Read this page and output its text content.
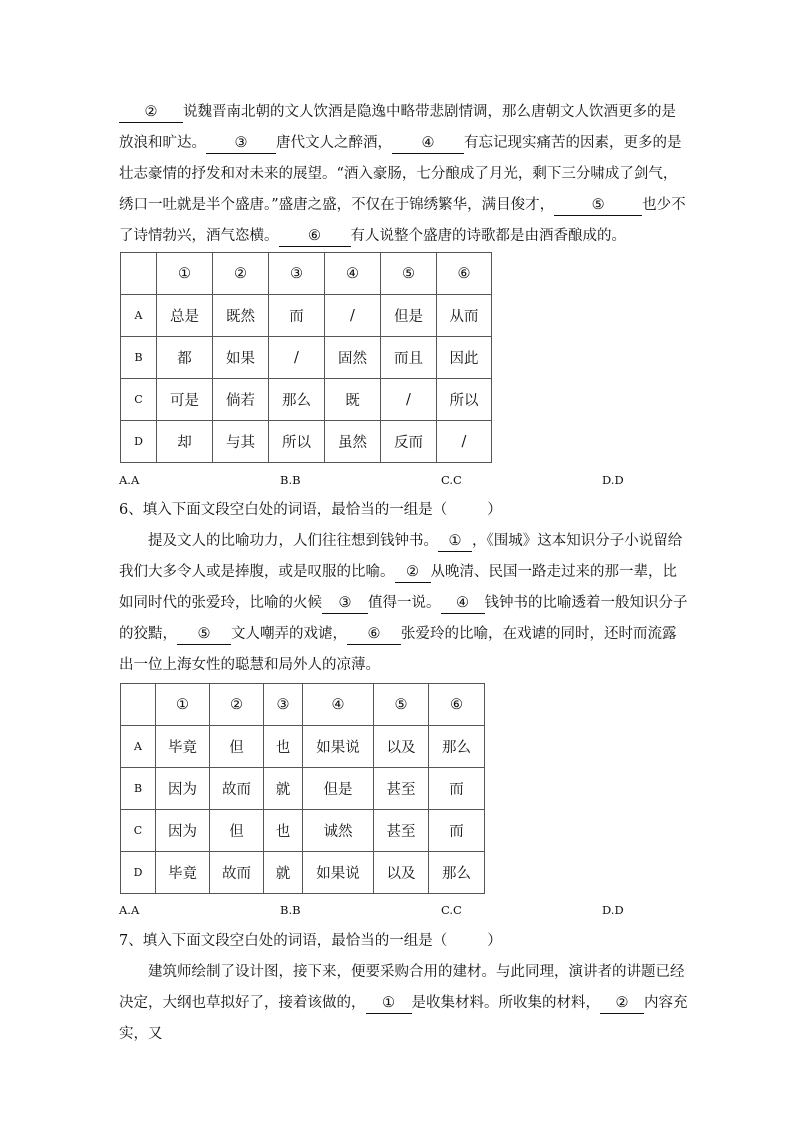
② 说魏晋南北朝的文人饮酒是隐逸中略带悲剧情调，那么唐朝文人饮酒更多的是放浪和旷达。 ③ 唐代文人之醉酒， ④ 有忘记现实痛苦的因素，更多的是壮志豪情的抒发和对未来的展望。“酒入豪肠，七分酿成了月光，剩下三分啸成了剑气，绣口一吐就是半个盛唐。”盛唐之盛，不仅在于锦绣繁华，满目俊才，	⑤	也少不了诗情勃兴，酒气恣横。 ⑥ 有人说整个盛唐的诗歌都是由酒香酿成的。

	①	②	③	④	⑤	⑥
A	总是	既然	而	/	但是	从而
B	都	如果	/	固然	而且	因此
C	可是	倘若	那么	既	/	所以
D	却	与其	所以	虽然	反而	/
A.A	B.B	C.C	D.D

6、填入下面文段空白处的词语，最恰当的一组是（	）

提及文人的比喻功力，人们往往想到钱钟书。 ① ，《围城》这本知识分子小说留给我们大多令人或是捧腹，或是叹服的比喻。 ② 从晚清、民国一路走过来的那一辈，比如同时代的张爱玲，比喻的火候 ③ 值得一说。 ④ 钱钟书的比喻透着一般知识分子的狡黠， ⑤ 文人嘲弄的戏谑， ⑥ 张爱玲的比喻，在戏谑的同时，还时而流露出一位上海女性的聪慧和局外人的凉薄。

	①	②	③	④	⑤	⑥
A	毕竟	但	也	如果说	以及	那么
B	因为	故而	就	但是	甚至	而
C	因为	但	也	诚然	甚至	而
D	毕竟	故而	就	如果说	以及	那么
A.A	B.B	C.C	D.D

7、填入下面文段空白处的词语，最恰当的一组是（	）

建筑师绘制了设计图，接下来，便要采购合用的建材。与此同理，演讲者的讲题已经决定，大纲也草拟好了，接着该做的， ① 是收集材料。所收集的材料， ② 内容充实，又
